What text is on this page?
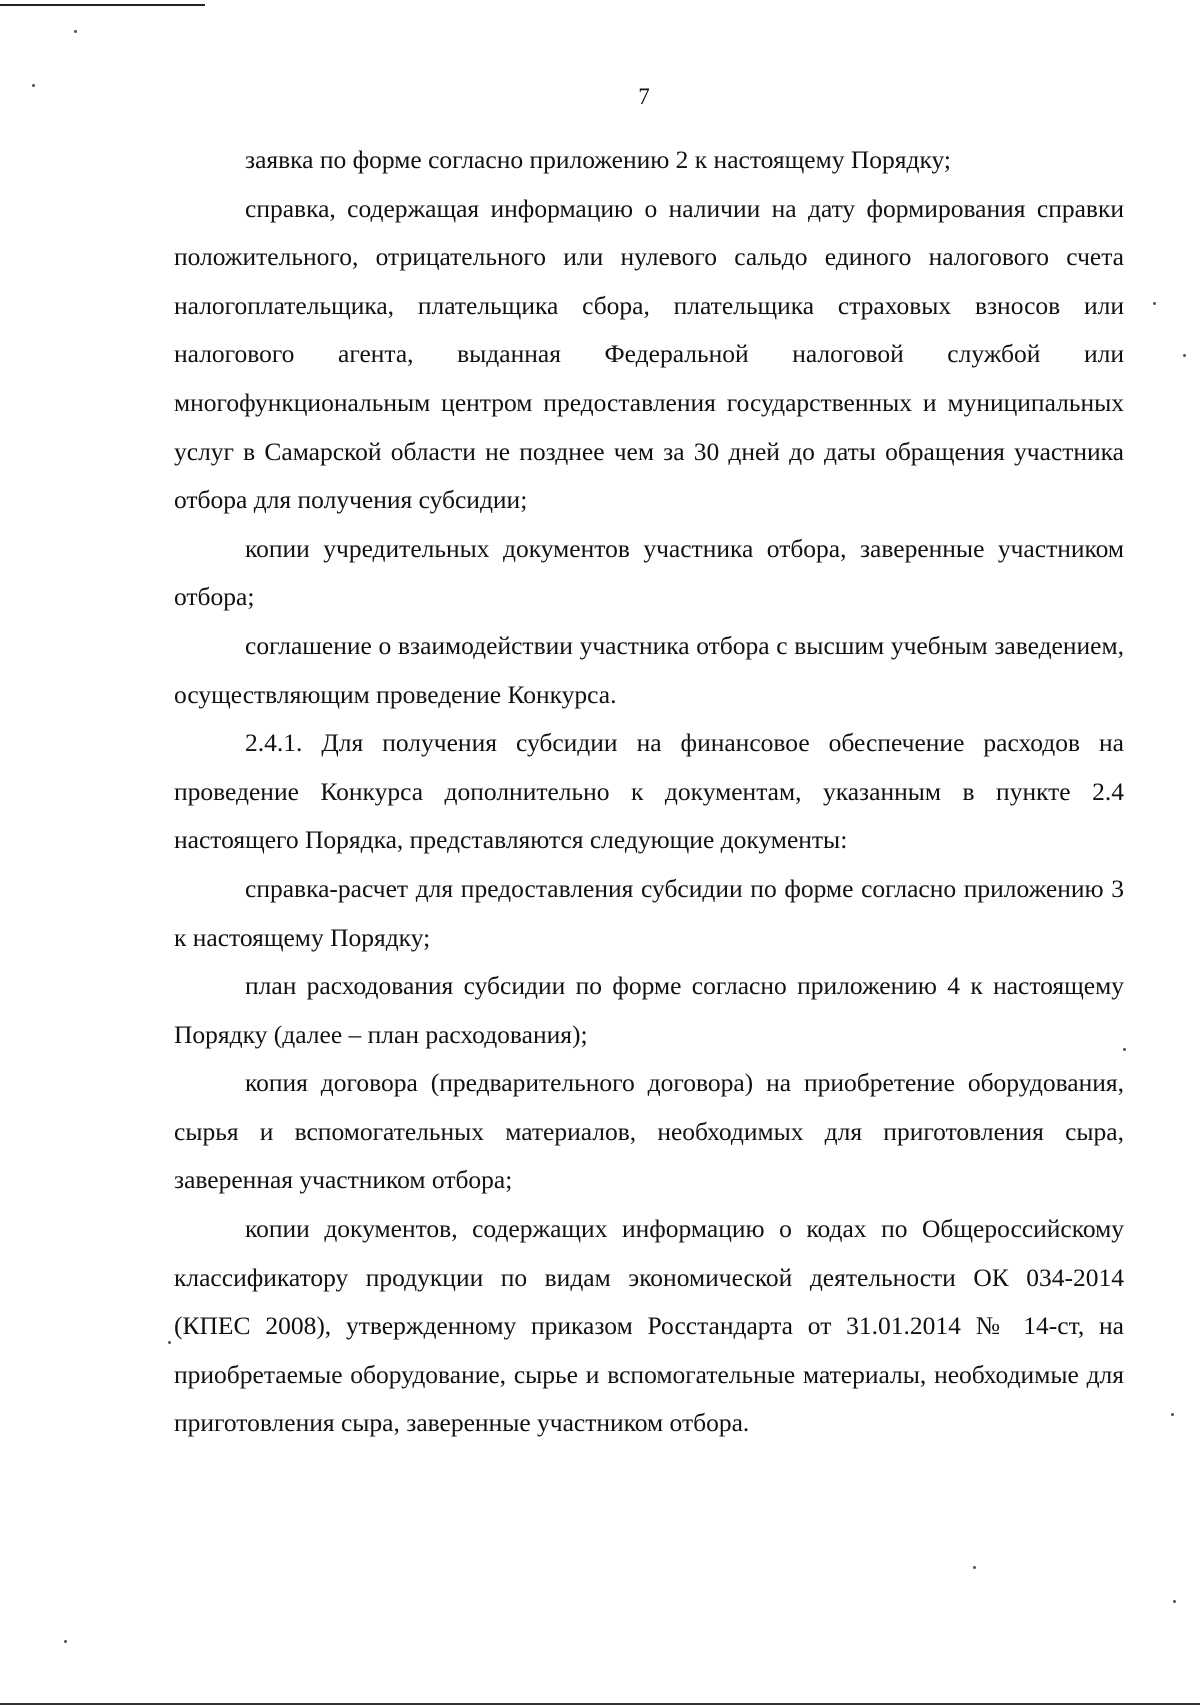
7

заявка по форме согласно приложению 2 к настоящему Порядку;

справка, содержащая информацию о наличии на дату формирования справки положительного, отрицательного или нулевого сальдо единого налогового счета налогоплательщика, плательщика сбора, плательщика страховых взносов или налогового агента, выданная Федеральной налоговой службой или многофункциональным центром предоставления государственных и муниципальных услуг в Самарской области не позднее чем за 30 дней до даты обращения участника отбора для получения субсидии;

копии учредительных документов участника отбора, заверенные участником отбора;

соглашение о взаимодействии участника отбора с высшим учебным заведением, осуществляющим проведение Конкурса.

2.4.1. Для получения субсидии на финансовое обеспечение расходов на проведение Конкурса дополнительно к документам, указанным в пункте 2.4 настоящего Порядка, представляются следующие документы:

справка-расчет для предоставления субсидии по форме согласно приложению 3 к настоящему Порядку;

план расходования субсидии по форме согласно приложению 4 к настоящему Порядку (далее – план расходования);

копия договора (предварительного договора) на приобретение оборудования, сырья и вспомогательных материалов, необходимых для приготовления сыра, заверенная участником отбора;

копии документов, содержащих информацию о кодах по Общероссийскому классификатору продукции по видам экономической деятельности ОК 034-2014 (КПЕС 2008), утвержденному приказом Росстандарта от 31.01.2014 № 14-ст, на приобретаемые оборудование, сырье и вспомогательные материалы, необходимые для приготовления сыра, заверенные участником отбора.
